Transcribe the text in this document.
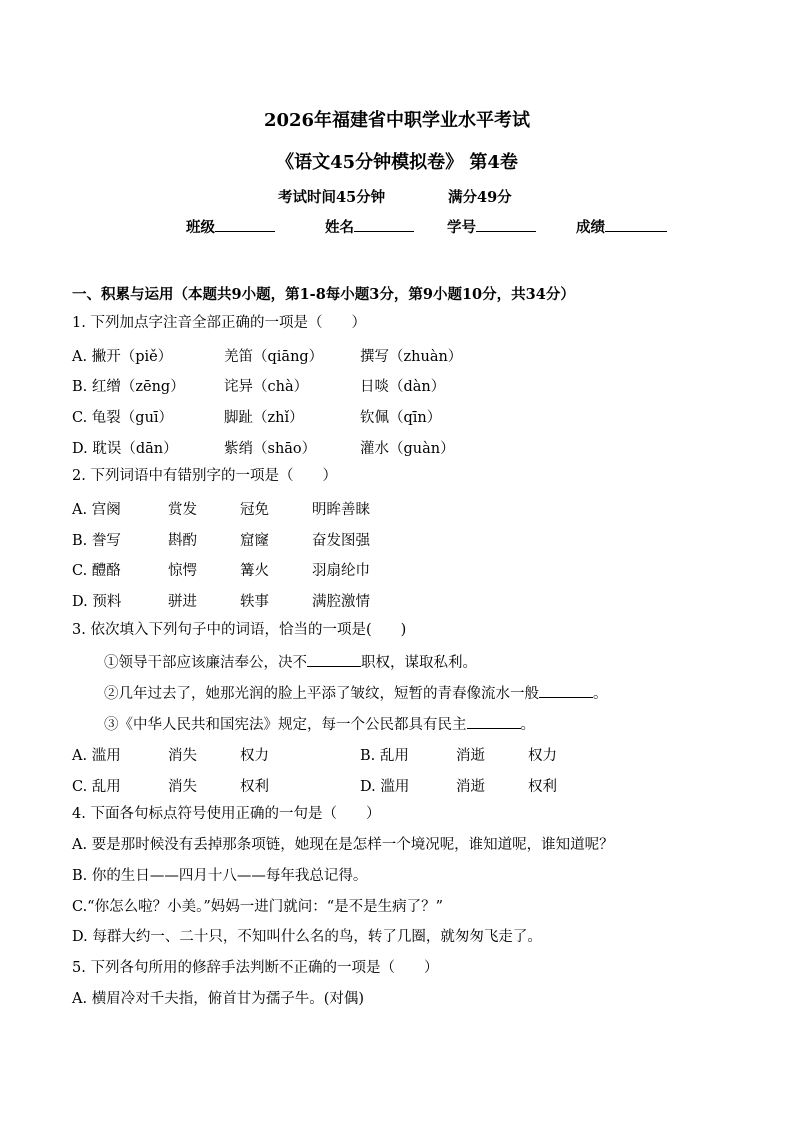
2026年福建省中职学业水平考试
《语文45分钟模拟卷》 第4卷
考试时间45分钟	满分49分
班级	姓名	学号	成绩
一、积累与运用（本题共9小题，第1-8每小题3分，第9小题10分，共34分）
1. 下列加点字注音全部正确的一项是（　　）
A. 撇开（piě）	羌笛（qiāng）	撰写（zhuàn）
B. 红缯（zēng）	诧异（chà）	日啖（dàn）
C. 龟裂（guī）	脚趾（zhǐ）	钦佩（qīn）
D. 耽误（dān）	紫绡（shāo）	灌水（guàn）
2. 下列词语中有错别字的一项是（　　）
A. 宫阕	赏发	冠免	明眸善睐
B. 誊写	斟酌	窟窿	奋发图强
C. 醴酪	惊愕	篝火	羽扇纶巾
D. 预料	骈进	轶事	满腔激情
3. 依次填入下列句子中的词语，恰当的一项是(　　)
①领导干部应该廉洁奉公，决不	职权，谋取私利。
②几年过去了，她那光润的脸上平添了皱纹，短暂的青春像流水一般	。
③《中华人民共和国宪法》规定，每一个公民都具有民主	。
A. 滥用	消失	权力	B. 乱用	消逝	权力
C. 乱用	消失	权利	D. 滥用	消逝	权利
4. 下面各句标点符号使用正确的一句是（　　）
A. 要是那时候没有丢掉那条项链，她现在是怎样一个境况呢，谁知道呢，谁知道呢？
B. 你的生日——四月十八——每年我总记得。
C.“你怎么啦？小美。”妈妈一进门就问：“是不是生病了？”
D. 每群大约一、二十只，不知叫什么名的鸟，转了几圈，就匆匆飞走了。
5. 下列各句所用的修辞手法判断不正确的一项是（　　）
A. 横眉冷对千夫指，俯首甘为孺子牛。(对偶)
